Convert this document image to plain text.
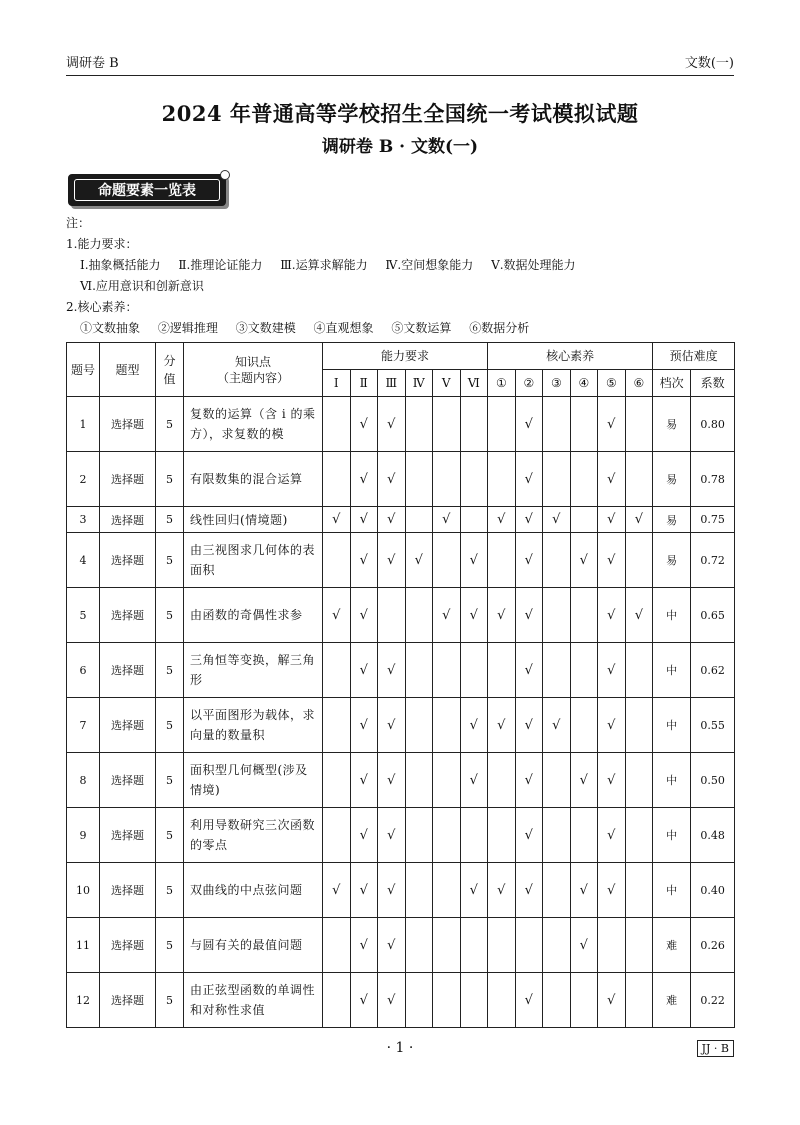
调研卷 B	文数(一)
2024 年普通高等学校招生全国统一考试模拟试题
调研卷 B · 文数(一)
命题要素一览表
注：
1.能力要求：
Ⅰ.抽象概括能力 Ⅱ.推理论证能力 Ⅲ.运算求解能力 Ⅳ.空间想象能力 Ⅴ.数据处理能力
Ⅵ.应用意识和创新意识
2.核心素养：
①文数抽象 ②逻辑推理 ③文数建模 ④直观想象 ⑤文数运算 ⑥数据分析
题号	题型	分值	知识点
（主题内容）	能力要求						核心素养						预估难度	
				Ⅰ	Ⅱ	Ⅲ	Ⅳ	Ⅴ	Ⅵ	①	②	③	④	⑤	⑥	档次	系数
1	选择题	5	复数的运算（含 i 的乘方），求复数的模		√	√					√			√		易	0.80
2	选择题	5	有限数集的混合运算		√	√					√			√		易	0.78
3	选择题	5	线性回归(情境题)	√	√	√		√		√	√	√		√	√	易	0.75
4	选择题	5	由三视图求几何体的表面积		√	√	√		√		√		√	√		易	0.72
5	选择题	5	由函数的奇偶性求参	√	√			√	√	√	√			√	√	中	0.65
6	选择题	5	三角恒等变换，解三角形		√	√					√			√		中	0.62
7	选择题	5	以平面图形为载体，求向量的数量积		√	√			√	√	√	√		√		中	0.55
8	选择题	5	面积型几何概型(涉及情境)		√	√			√		√		√	√		中	0.50
9	选择题	5	利用导数研究三次函数的零点		√	√					√			√		中	0.48
10	选择题	5	双曲线的中点弦问题	√	√	√			√	√	√		√	√		中	0.40
11	选择题	5	与圆有关的最值问题		√	√							√			难	0.26
12	选择题	5	由正弦型函数的单调性和对称性求值		√	√					√			√		难	0.22
· 1 ·	JJ · B
